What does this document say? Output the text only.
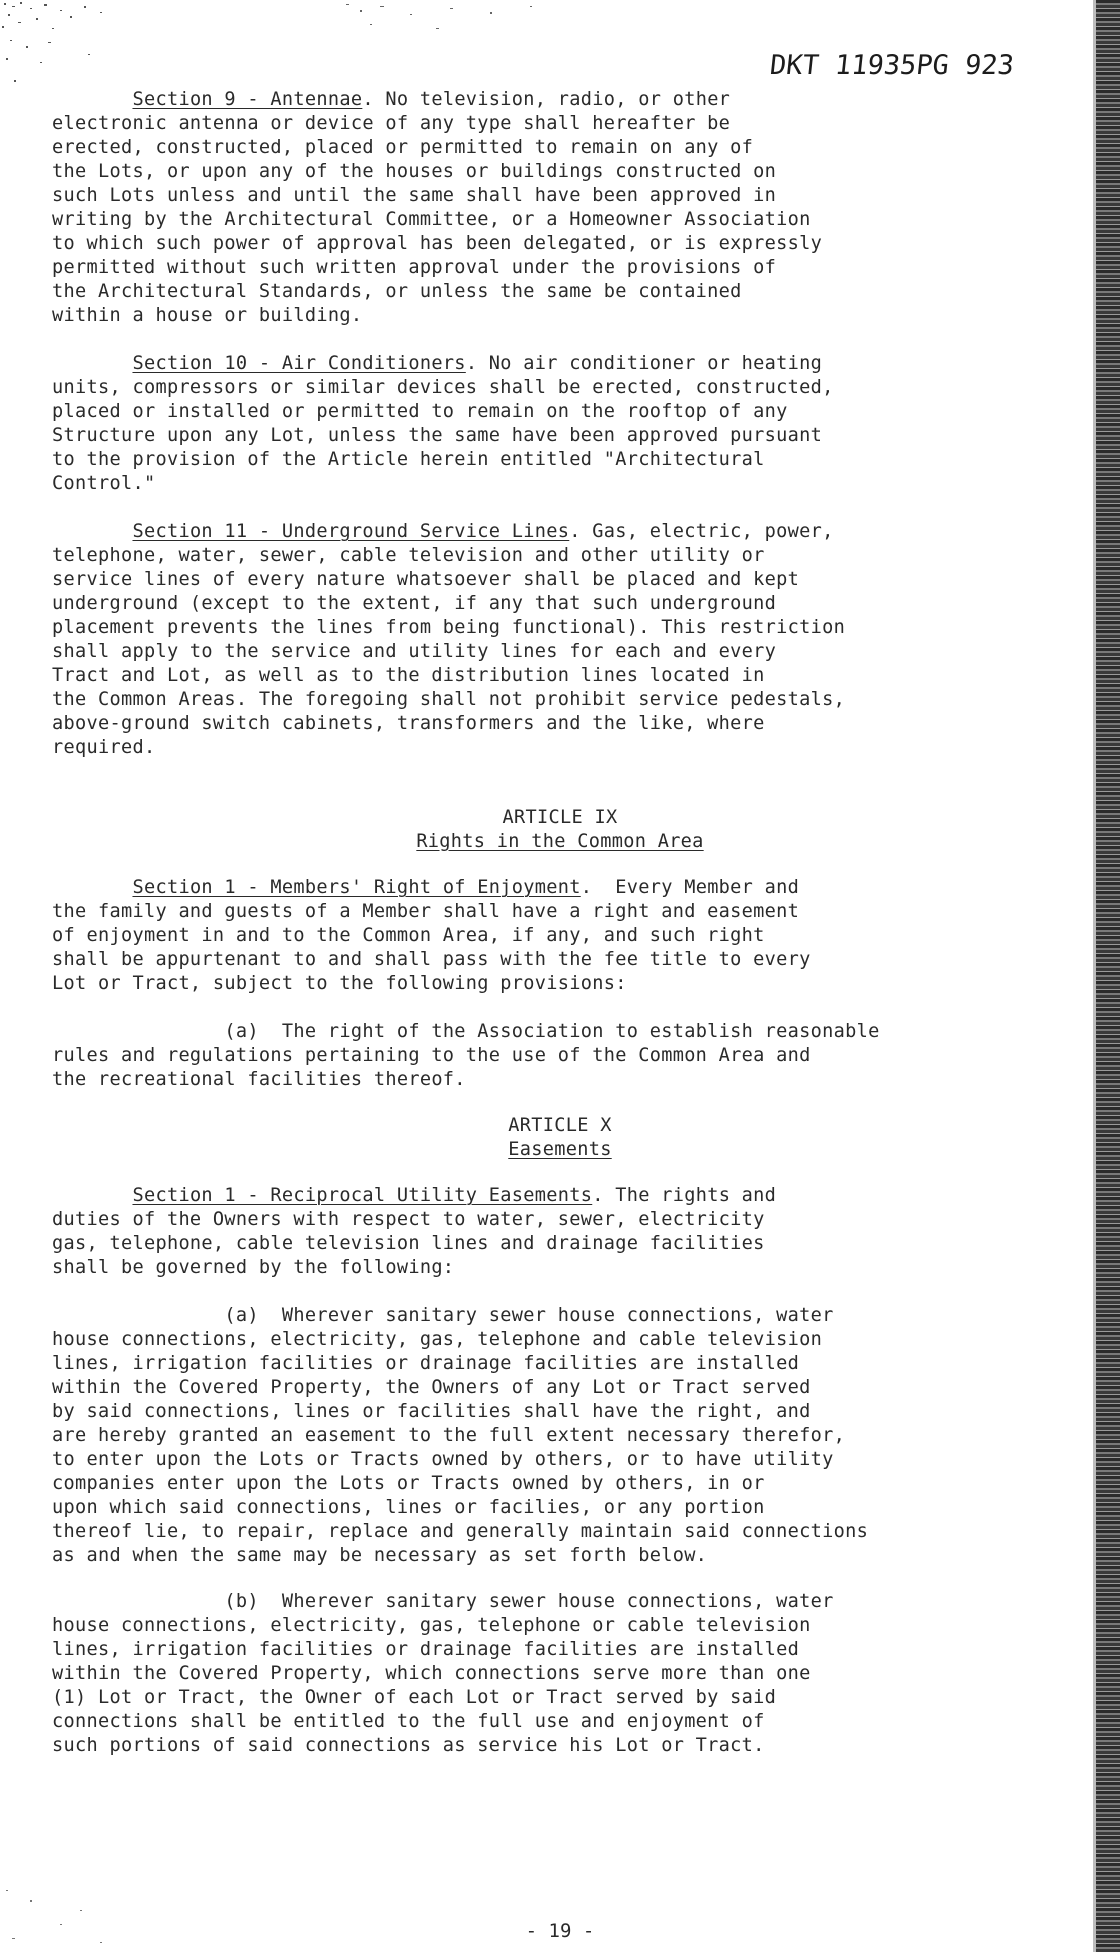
DKT 11935PG 923

Section 9 - Antennae. No television, radio, or other
electronic antenna or device of any type shall hereafter be
erected, constructed, placed or permitted to remain on any of
the Lots, or upon any of the houses or buildings constructed on
such Lots unless and until the same shall have been approved in
writing by the Architectural Committee, or a Homeowner Association
to which such power of approval has been delegated, or is expressly
permitted without such written approval under the provisions of
the Architectural Standards, or unless the same be contained
within a house or building.

Section 10 - Air Conditioners. No air conditioner or heating
units, compressors or similar devices shall be erected, constructed,
placed or installed or permitted to remain on the rooftop of any
Structure upon any Lot, unless the same have been approved pursuant
to the provision of the Article herein entitled "Architectural
Control."

Section 11 - Underground Service Lines. Gas, electric, power,
telephone, water, sewer, cable television and other utility or
service lines of every nature whatsoever shall be placed and kept
underground (except to the extent, if any that such underground
placement prevents the lines from being functional). This restriction
shall apply to the service and utility lines for each and every
Tract and Lot, as well as to the distribution lines located in
the Common Areas. The foregoing shall not prohibit service pedestals,
above-ground switch cabinets, transformers and the like, where
required.

ARTICLE IX
Rights in the Common Area

Section 1 - Members' Right of Enjoyment.  Every Member and
the family and guests of a Member shall have a right and easement
of enjoyment in and to the Common Area, if any, and such right
shall be appurtenant to and shall pass with the fee title to every
Lot or Tract, subject to the following provisions:

(a)  The right of the Association to establish reasonable
rules and regulations pertaining to the use of the Common Area and
the recreational facilities thereof.

ARTICLE X
Easements

Section 1 - Reciprocal Utility Easements. The rights and
duties of the Owners with respect to water, sewer, electricity
gas, telephone, cable television lines and drainage facilities
shall be governed by the following:

(a)  Wherever sanitary sewer house connections, water
house connections, electricity, gas, telephone and cable television
lines, irrigation facilities or drainage facilities are installed
within the Covered Property, the Owners of any Lot or Tract served
by said connections, lines or facilities shall have the right, and
are hereby granted an easement to the full extent necessary therefor,
to enter upon the Lots or Tracts owned by others, or to have utility
companies enter upon the Lots or Tracts owned by others, in or
upon which said connections, lines or facilies, or any portion
thereof lie, to repair, replace and generally maintain said connections
as and when the same may be necessary as set forth below.

(b)  Wherever sanitary sewer house connections, water
house connections, electricity, gas, telephone or cable television
lines, irrigation facilities or drainage facilities are installed
within the Covered Property, which connections serve more than one
(1) Lot or Tract, the Owner of each Lot or Tract served by said
connections shall be entitled to the full use and enjoyment of
such portions of said connections as service his Lot or Tract.

- 19 -
